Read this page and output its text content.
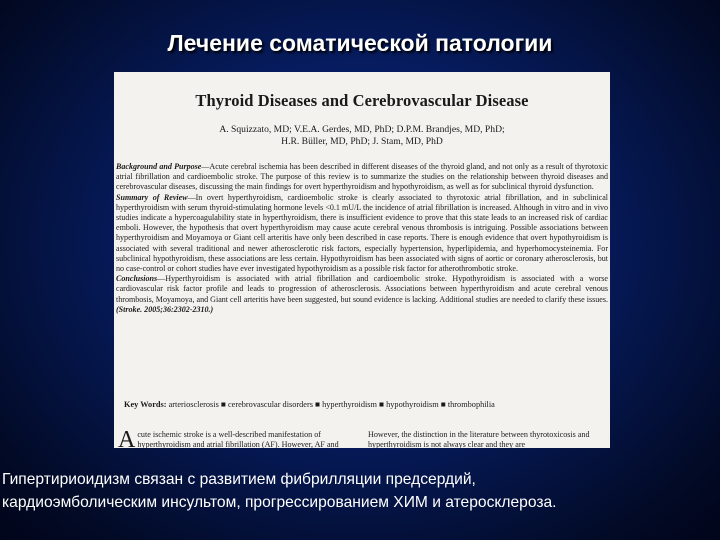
Лечение соматической патологии
Thyroid Diseases and Cerebrovascular Disease
A. Squizzato, MD; V.E.A. Gerdes, MD, PhD; D.P.M. Brandjes, MD, PhD;
H.R. Büller, MD, PhD; J. Stam, MD, PhD

Background and Purpose—Acute cerebral ischemia has been described in different diseases of the thyroid gland, and not only as a result of thyrotoxic atrial fibrillation and cardioembolic stroke. The purpose of this review is to summarize the studies on the relationship between thyroid diseases and cerebrovascular diseases, discussing the main findings for overt hyperthyroidism and hypothyroidism, as well as for subclinical thyroid dysfunction.

Summary of Review—In overt hyperthyroidism, cardioembolic stroke is clearly associated to thyrotoxic atrial fibrillation, and in subclinical hyperthyroidism with serum thyroid-stimulating hormone levels <0.1 mU/L the incidence of atrial fibrillation is increased. Although in vitro and in vivo studies indicate a hypercoagulability state in hyperthyroidism, there is insufficient evidence to prove that this state leads to an increased risk of cardiac emboli. However, the hypothesis that overt hyperthyroidism may cause acute cerebral venous thrombosis is intriguing. Possible associations between hyperthyroidism and Moyamoya or Giant cell arteritis have only been described in case reports. There is enough evidence that overt hypothyroidism is associated with several traditional and newer atherosclerotic risk factors, especially hypertension, hyperlipidemia, and hyperhomocysteinemia. For subclinical hypothyroidism, these associations are less certain. Hypothyroidism has been associated with signs of aortic or coronary atherosclerosis, but no case-control or cohort studies have ever investigated hypothyroidism as a possible risk factor for atherothrombotic stroke.

Conclusions—Hyperthyroidism is associated with atrial fibrillation and cardioembolic stroke. Hypothyroidism is associated with a worse cardiovascular risk factor profile and leads to progression of atherosclerosis. Associations between hyperthyroidism and acute cerebral venous thrombosis, Moyamoya, and Giant cell arteritis have been suggested, but sound evidence is lacking. Additional studies are needed to clarify these issues. (Stroke. 2005;36:2302-2310.)

Key Words: arteriosclerosis ■ cerebrovascular disorders ■ hyperthyroidism ■ hypothyroidism ■ thrombophilia
Acute ischemic stroke is a well-described manifestation of hyperthyroidism and atrial fibrillation (AF). However, AF and
However, the distinction in the literature between thyrotoxicosis and hyperthyroidism is not always clear and they are
Гипертириоидизм связан с развитием фибрилляции предсердий,
кардиоэмболическим инсультом, прогрессированием ХИМ и атеросклероза.
